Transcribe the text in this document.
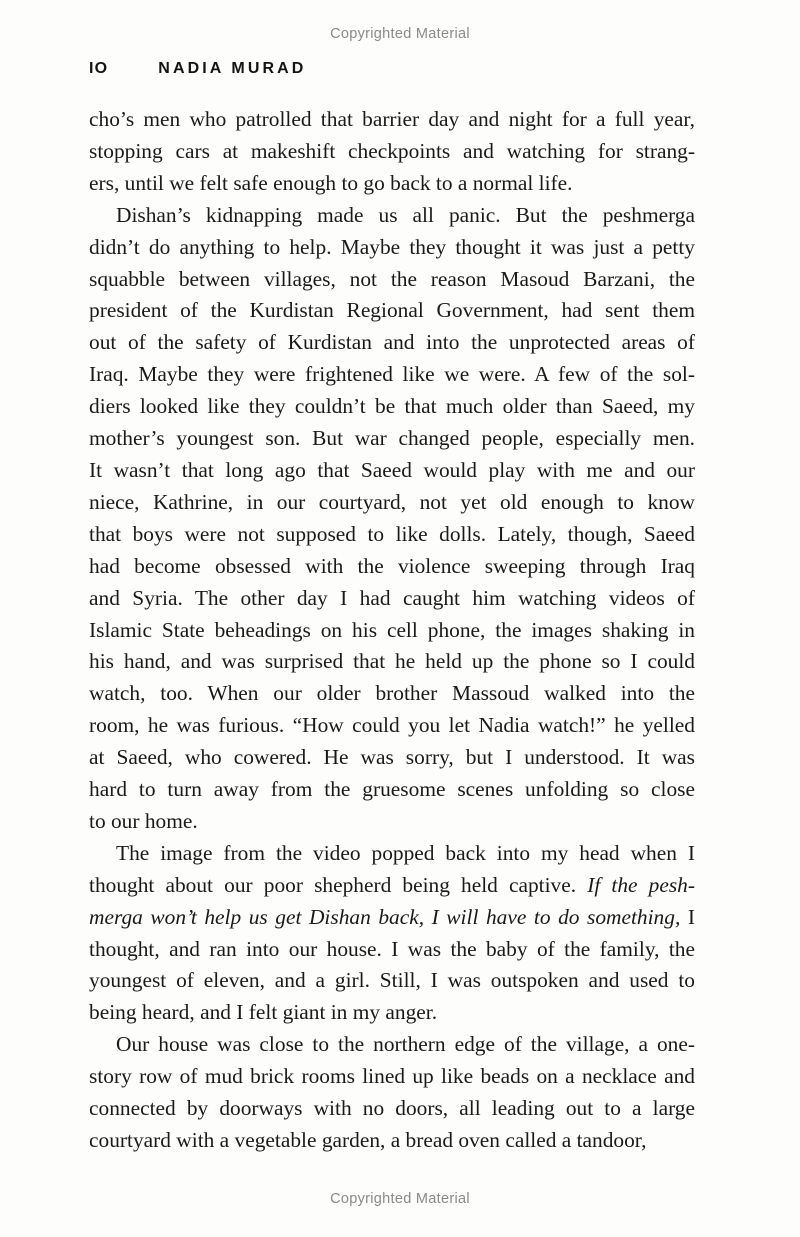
Copyrighted Material
IO	NADIA MURAD

cho’s men who patrolled that barrier day and night for a full year,
stopping cars at makeshift checkpoints and watching for strang-
ers, until we felt safe enough to go back to a normal life.

Dishan’s kidnapping made us all panic. But the peshmerga
didn’t do anything to help. Maybe they thought it was just a petty
squabble between villages, not the reason Masoud Barzani, the
president of the Kurdistan Regional Government, had sent them
out of the safety of Kurdistan and into the unprotected areas of
Iraq. Maybe they were frightened like we were. A few of the sol-
diers looked like they couldn’t be that much older than Saeed, my
mother’s youngest son. But war changed people, especially men.
It wasn’t that long ago that Saeed would play with me and our
niece, Kathrine, in our courtyard, not yet old enough to know
that boys were not supposed to like dolls. Lately, though, Saeed
had become obsessed with the violence sweeping through Iraq
and Syria. The other day I had caught him watching videos of
Islamic State beheadings on his cell phone, the images shaking in
his hand, and was surprised that he held up the phone so I could
watch, too. When our older brother Massoud walked into the
room, he was furious. “How could you let Nadia watch!” he yelled
at Saeed, who cowered. He was sorry, but I understood. It was
hard to turn away from the gruesome scenes unfolding so close
to our home.

The image from the video popped back into my head when I
thought about our poor shepherd being held captive. If the pesh-
merga won’t help us get Dishan back, I will have to do something, I
thought, and ran into our house. I was the baby of the family, the
youngest of eleven, and a girl. Still, I was outspoken and used to
being heard, and I felt giant in my anger.

Our house was close to the northern edge of the village, a one-
story row of mud brick rooms lined up like beads on a necklace and
connected by doorways with no doors, all leading out to a large
courtyard with a vegetable garden, a bread oven called a tandoor,

Copyrighted Material
